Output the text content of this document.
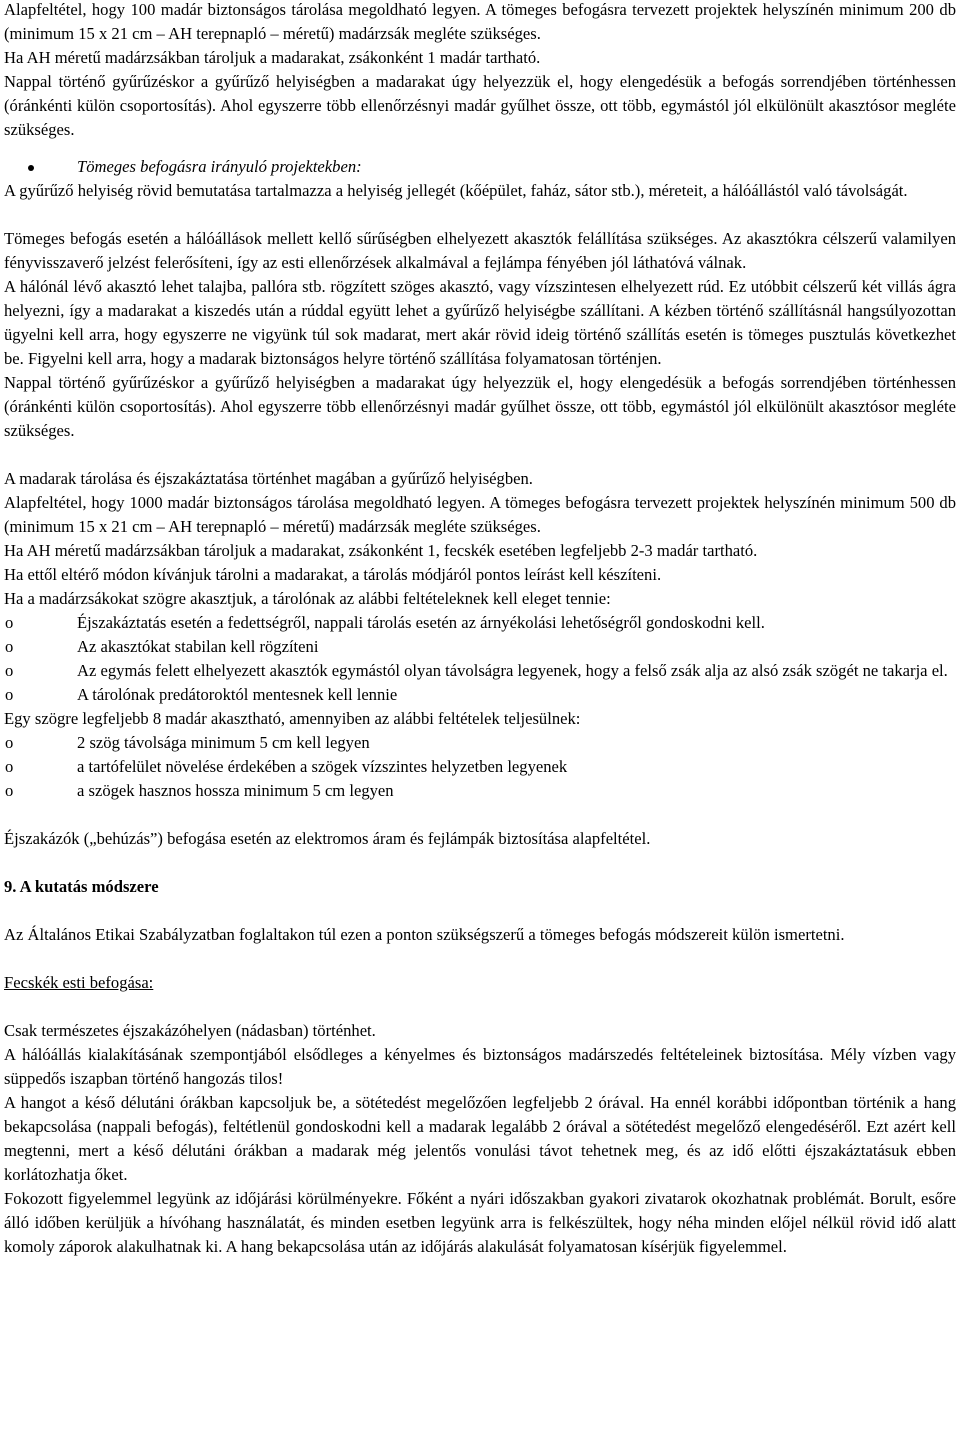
Alapfeltétel, hogy 100 madár biztonságos tárolása megoldható legyen. A tömeges befogásra tervezett projektek helyszínén minimum 200 db (minimum 15 x 21 cm – AH terepnapló – méretű) madárzsák megléte szükséges.

Ha AH méretű madárzsákban tároljuk a madarakat, zsákonként 1 madár tartható.

Nappal történő gyűrűzéskor a gyűrűző helyiségben a madarakat úgy helyezzük el, hogy elengedésük a befogás sorrendjében történhessen (óránkénti külön csoportosítás). Ahol egyszerre több ellenőrzésnyi madár gyűlhet össze, ott több, egymástól jól elkülönült akasztósor megléte szükséges.

Tömeges befogásra irányuló projektekben:

A gyűrűző helyiség rövid bemutatása tartalmazza a helyiség jellegét (kőépület, faház, sátor stb.), méreteit, a hálóállástól való távolságát.

Tömeges befogás esetén a hálóállások mellett kellő sűrűségben elhelyezett akasztók felállítása szükséges. Az akasztókra célszerű valamilyen fényvisszaverő jelzést felerősíteni, így az esti ellenőrzések alkalmával a fejlámpa fényében jól láthatóvá válnak.

A hálónál lévő akasztó lehet talajba, pallóra stb. rögzített szöges akasztó, vagy vízszintesen elhelyezett rúd. Ez utóbbit célszerű két villás ágra helyezni, így a madarakat a kiszedés után a rúddal együtt lehet a gyűrűző helyiségbe szállítani. A kézben történő szállításnál hangsúlyozottan ügyelni kell arra, hogy egyszerre ne vigyünk túl sok madarat, mert akár rövid ideig történő szállítás esetén is tömeges pusztulás következhet be. Figyelni kell arra, hogy a madarak biztonságos helyre történő szállítása folyamatosan történjen.

Nappal történő gyűrűzéskor a gyűrűző helyiségben a madarakat úgy helyezzük el, hogy elengedésük a befogás sorrendjében történhessen (óránkénti külön csoportosítás). Ahol egyszerre több ellenőrzésnyi madár gyűlhet össze, ott több, egymástól jól elkülönült akasztósor megléte szükséges.

A madarak tárolása és éjszakáztatása történhet magában a gyűrűző helyiségben.

Alapfeltétel, hogy 1000 madár biztonságos tárolása megoldható legyen. A tömeges befogásra tervezett projektek helyszínén minimum 500 db (minimum 15 x 21 cm – AH terepnapló – méretű) madárzsák megléte szükséges.

Ha AH méretű madárzsákban tároljuk a madarakat, zsákonként 1, fecskék esetében legfeljebb 2-3 madár tartható.

Ha ettől eltérő módon kívánjuk tárolni a madarakat, a tárolás módjáról pontos leírást kell készíteni.

Ha a madárzsákokat szögre akasztjuk, a tárolónak az alábbi feltételeknek kell eleget tennie:

o	Éjszakáztatás esetén a fedettségről, nappali tárolás esetén az árnyékolási lehetőségről gondoskodni kell.
o	Az akasztókat stabilan kell rögzíteni
o	Az egymás felett elhelyezett akasztók egymástól olyan távolságra legyenek, hogy a felső zsák alja az alsó zsák szögét ne takarja el.
o	A tárolónak predátoroktól mentesnek kell lennie

Egy szögre legfeljebb 8 madár akasztható, amennyiben az alábbi feltételek teljesülnek:

o	2 szög távolsága minimum 5 cm kell legyen
o	a tartófelület növelése érdekében a szögek vízszintes helyzetben legyenek
o	a szögek hasznos hossza minimum 5 cm legyen

Éjszakázók („behúzás”) befogása esetén az elektromos áram és fejlámpák biztosítása alapfeltétel.

9. A kutatás módszere

Az Általános Etikai Szabályzatban foglaltakon túl ezen a ponton szükségszerű a tömeges befogás módszereit külön ismertetni.

Fecskék esti befogása:

Csak természetes éjszakázóhelyen (nádasban) történhet.

A hálóállás kialakításának szempontjából elsődleges a kényelmes és biztonságos madárszedés feltételeinek biztosítása. Mély vízben vagy süppedős iszapban történő hangozás tilos!

A hangot a késő délutáni órákban kapcsoljuk be, a sötétedést megelőzően legfeljebb 2 órával. Ha ennél korábbi időpontban történik a hang bekapcsolása (nappali befogás), feltétlenül gondoskodni kell a madarak legalább 2 órával a sötétedést megelőző elengedéséről. Ezt azért kell megtenni, mert a késő délutáni órákban a madarak még jelentős vonulási távot tehetnek meg, és az idő előtti éjszakáztatásuk ebben korlátozhatja őket.

Fokozott figyelemmel legyünk az időjárási körülményekre. Főként a nyári időszakban gyakori zivatarok okozhatnak problémát. Borult, esőre álló időben kerüljük a hívóhang használatát, és minden esetben legyünk arra is felkészültek, hogy néha minden előjel nélkül rövid idő alatt komoly záporok alakulhatnak ki. A hang bekapcsolása után az időjárás alakulását folyamatosan kísérjük figyelemmel.
